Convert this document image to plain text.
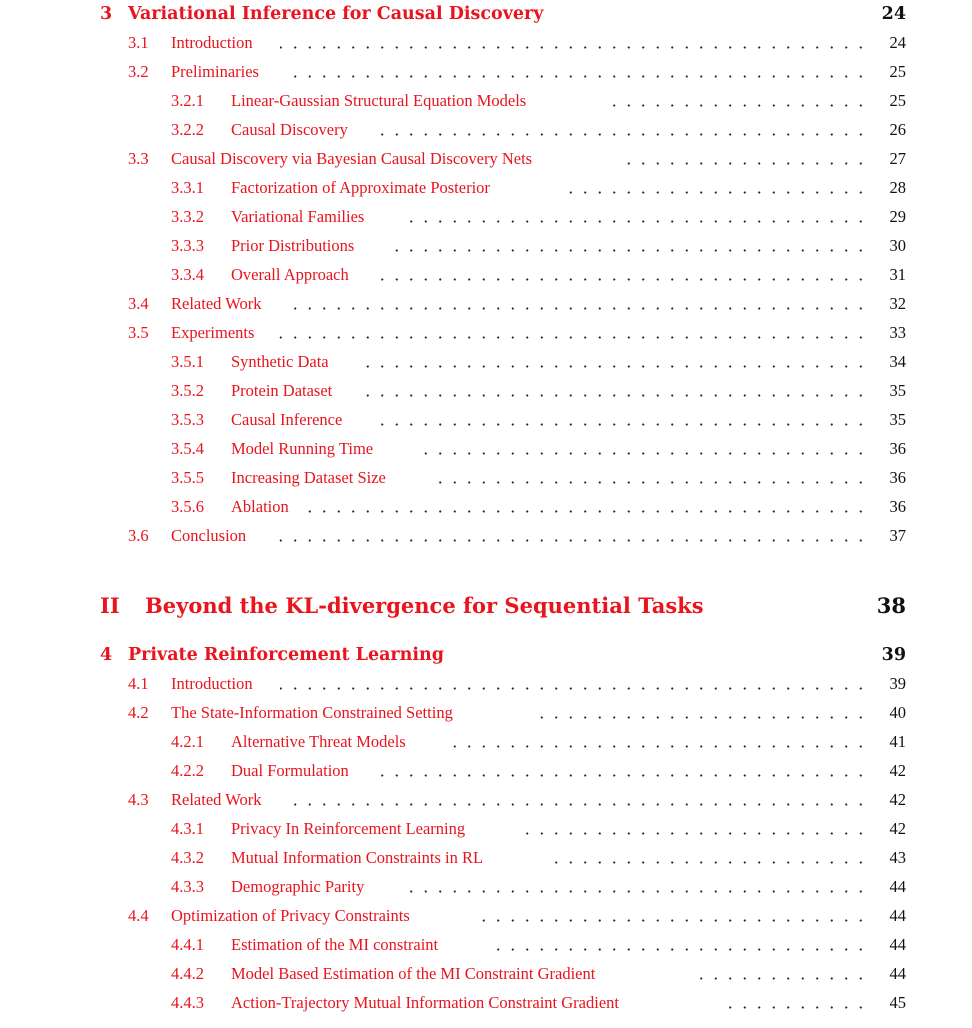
3 Variational Inference for Causal Discovery	24
3.1 Introduction	24
3.2 Preliminaries	25
3.2.1 Linear-Gaussian Structural Equation Models	25
3.2.2 Causal Discovery	26
3.3 Causal Discovery via Bayesian Causal Discovery Nets	27
3.3.1 Factorization of Approximate Posterior	28
3.3.2 Variational Families	29
3.3.3 Prior Distributions	30
3.3.4 Overall Approach	31
3.4 Related Work	32
3.5 Experiments	33
3.5.1 Synthetic Data	34
3.5.2 Protein Dataset	35
3.5.3 Causal Inference	35
3.5.4 Model Running Time	36
3.5.5 Increasing Dataset Size	36
3.5.6 Ablation	36
3.6 Conclusion	37
II Beyond the KL-divergence for Sequential Tasks	38
4 Private Reinforcement Learning	39
4.1 Introduction	39
4.2 The State-Information Constrained Setting	40
4.2.1 Alternative Threat Models	41
4.2.2 Dual Formulation	42
4.3 Related Work	42
4.3.1 Privacy In Reinforcement Learning	42
4.3.2 Mutual Information Constraints in RL	43
4.3.3 Demographic Parity	44
4.4 Optimization of Privacy Constraints	44
4.4.1 Estimation of the MI constraint	44
4.4.2 Model Based Estimation of the MI Constraint Gradient	44
4.4.3 Action-Trajectory Mutual Information Constraint Gradient	45
